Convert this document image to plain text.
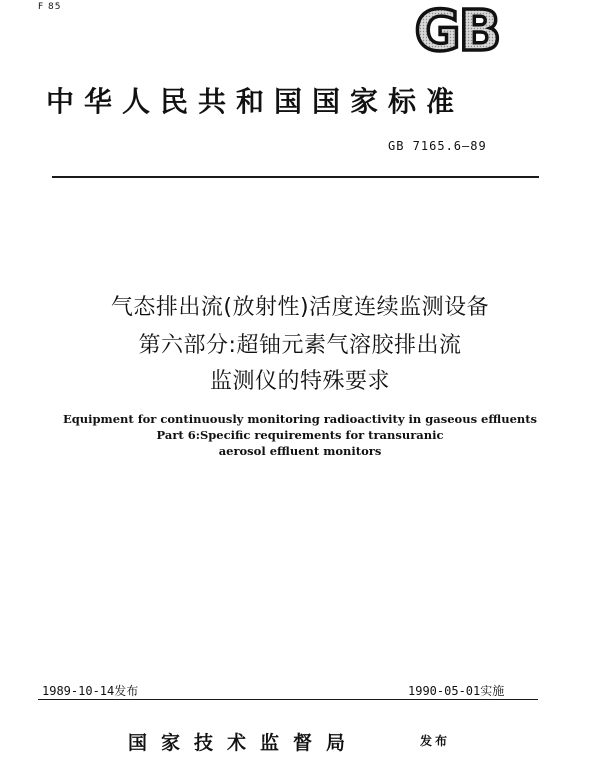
F 85	GB
中华人民共和国国家标准
GB 7165.6—89
气态排出流(放射性)活度连续监测设备
第六部分:超铀元素气溶胶排出流
监测仪的特殊要求
Equipment for continuously monitoring radioactivity in gaseous effluents
Part 6:Specific requirements for transuranic
aerosol effluent monitors
1989-10-14发布	1990-05-01实施
国家技术监督局	发布
